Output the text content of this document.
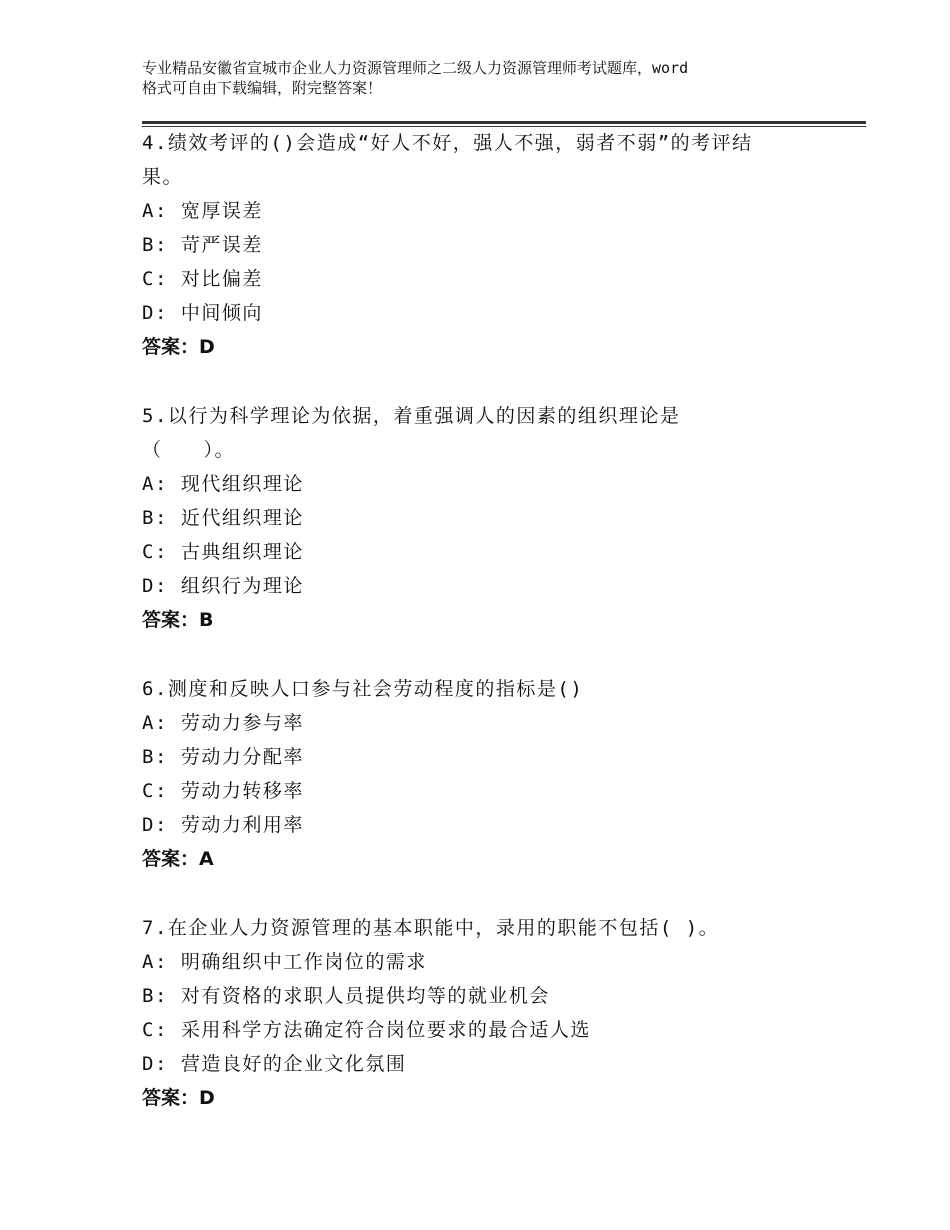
专业精品安徽省宣城市企业人力资源管理师之二级人力资源管理师考试题库，word
格式可自由下载编辑，附完整答案！
4.绩效考评的()会造成“好人不好，强人不强，弱者不弱”的考评结
果。
A: 宽厚误差
B: 苛严误差
C: 对比偏差
D: 中间倾向
答案：D
5.以行为科学理论为依据，着重强调人的因素的组织理论是
（　　）。
A: 现代组织理论
B: 近代组织理论
C: 古典组织理论
D: 组织行为理论
答案：B
6.测度和反映人口参与社会劳动程度的指标是()
A: 劳动力参与率
B: 劳动力分配率
C: 劳动力转移率
D: 劳动力利用率
答案：A
7.在企业人力资源管理的基本职能中，录用的职能不包括( )。
A: 明确组织中工作岗位的需求
B: 对有资格的求职人员提供均等的就业机会
C: 采用科学方法确定符合岗位要求的最合适人选
D: 营造良好的企业文化氛围
答案：D
